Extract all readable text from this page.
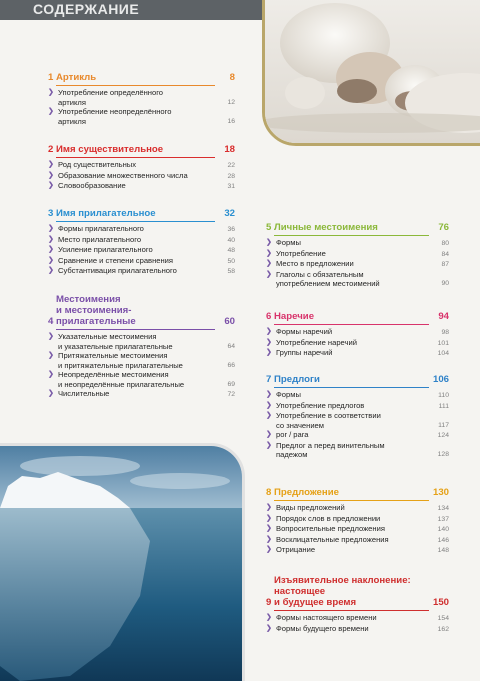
СОДЕРЖАНИЕ
1 Артикль	8
❯ Употребление определённого
артикля	12
❯ Употребление неопределённого
артикля	16
2 Имя существительное	18
❯ Род существительных	22
❯ Образование множественного числа	28
❯ Словообразование	31
3 Имя прилагательное	32
❯ Формы прилагательного	36
❯ Место прилагательного	40
❯ Усиление прилагательного	48
❯ Сравнение и степени сравнения	50
❯ Субстантивация прилагательного	58
4
Местоимения
и местоимения-
прилагательные	60
❯ Указательные местоимения
и указательные прилагательные	64
❯ Притяжательные местоимения
и притяжательные прилагательные	66
❯ Неопределённые местоимения
и неопределённые прилагательные	69
❯ Числительные	72
5 Личные местоимения	76
❯ Формы	80
❯ Употребление	84
❯ Место в предложении	87
❯ Глаголы с обязательным
употреблением местоимений	90
6 Наречие	94
❯ Формы наречий	98
❯ Употребление наречий	101
❯ Группы наречий	104
7 Предлоги	106
❯ Формы	110
❯ Употребление предлогов	111
❯ Употребление в соответствии
со значением	117
❯ por / para	124
❯ Предлог а перед винительным
падежом	128
8 Предложение	130
❯ Виды предложений	134
❯ Порядок слов в предложении	137
❯ Вопросительные предложения	140
❯ Восклицательные предложения	146
❯ Отрицание	148
9
Изъявительное наклонение:
настоящее
и будущее время	150
❯ Формы настоящего времени	154
❯ Формы будущего времени	162
